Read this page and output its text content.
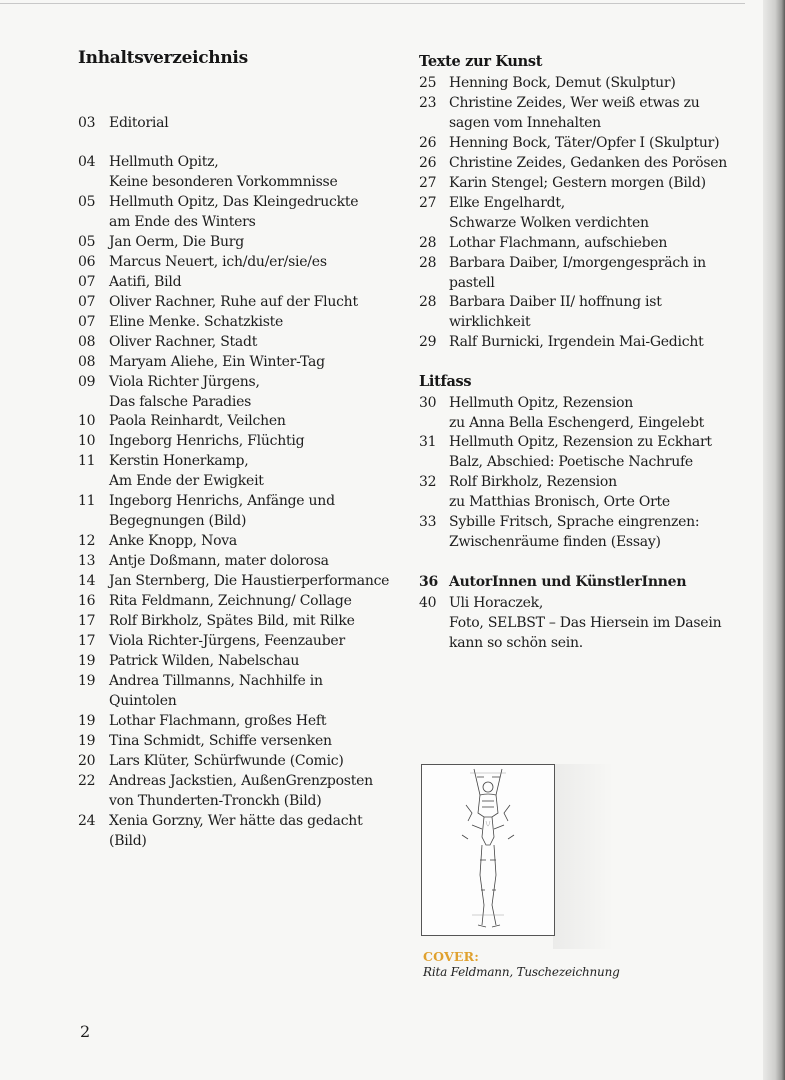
Inhaltsverzeichnis
03 Editorial
04 Hellmuth Opitz,
Keine besonderen Vorkommnisse
05 Hellmuth Opitz, Das Kleingedruckte
am Ende des Winters
05 Jan Oerm, Die Burg
06 Marcus Neuert, ich/du/er/sie/es
07 Aatifi, Bild
07 Oliver Rachner, Ruhe auf der Flucht
07 Eline Menke. Schatzkiste
08 Oliver Rachner, Stadt
08 Maryam Aliehe, Ein Winter-Tag
09 Viola Richter Jürgens,
Das falsche Paradies
10 Paola Reinhardt, Veilchen
10 Ingeborg Henrichs, Flüchtig
11 Kerstin Honerkamp,
Am Ende der Ewigkeit
11 Ingeborg Henrichs, Anfänge und
Begegnungen (Bild)
12 Anke Knopp, Nova
13 Antje Doßmann, mater dolorosa
14 Jan Sternberg, Die Haustierperformance
16 Rita Feldmann, Zeichnung/ Collage
17 Rolf Birkholz, Spätes Bild, mit Rilke
17 Viola Richter-Jürgens, Feenzauber
19 Patrick Wilden, Nabelschau
19 Andrea Tillmanns, Nachhilfe in
Quintolen
19 Lothar Flachmann, großes Heft
19 Tina Schmidt, Schiffe versenken
20 Lars Klüter, Schürfwunde (Comic)
22 Andreas Jackstien, AußenGrenzposten
von Thunderten-Tronckh (Bild)
24 Xenia Gorzny, Wer hätte das gedacht
(Bild)
Texte zur Kunst
25 Henning Bock, Demut (Skulptur)
23 Christine Zeides, Wer weiß etwas zu
sagen vom Innehalten
26 Henning Bock, Täter/Opfer I (Skulptur)
26 Christine Zeides, Gedanken des Porösen
27 Karin Stengel; Gestern morgen (Bild)
27 Elke Engelhardt,
Schwarze Wolken verdichten
28 Lothar Flachmann, aufschieben
28 Barbara Daiber, I/morgengespräch in
pastell
28 Barbara Daiber II/ hoffnung ist
wirklichkeit
29 Ralf Burnicki, Irgendein Mai-Gedicht
Litfass
30 Hellmuth Opitz, Rezension
zu Anna Bella Eschengerd, Eingelebt
31 Hellmuth Opitz, Rezension zu Eckhart
Balz, Abschied: Poetische Nachrufe
32 Rolf Birkholz, Rezension
zu Matthias Bronisch, Orte Orte
33 Sybille Fritsch, Sprache eingrenzen:
Zwischenräume finden (Essay)
36 AutorInnen und KünstlerInnen
40 Uli Horaczek,
Foto, SELBST – Das Hiersein im Dasein
kann so schön sein.
COVER:
Rita Feldmann, Tuschezeichnung
2
